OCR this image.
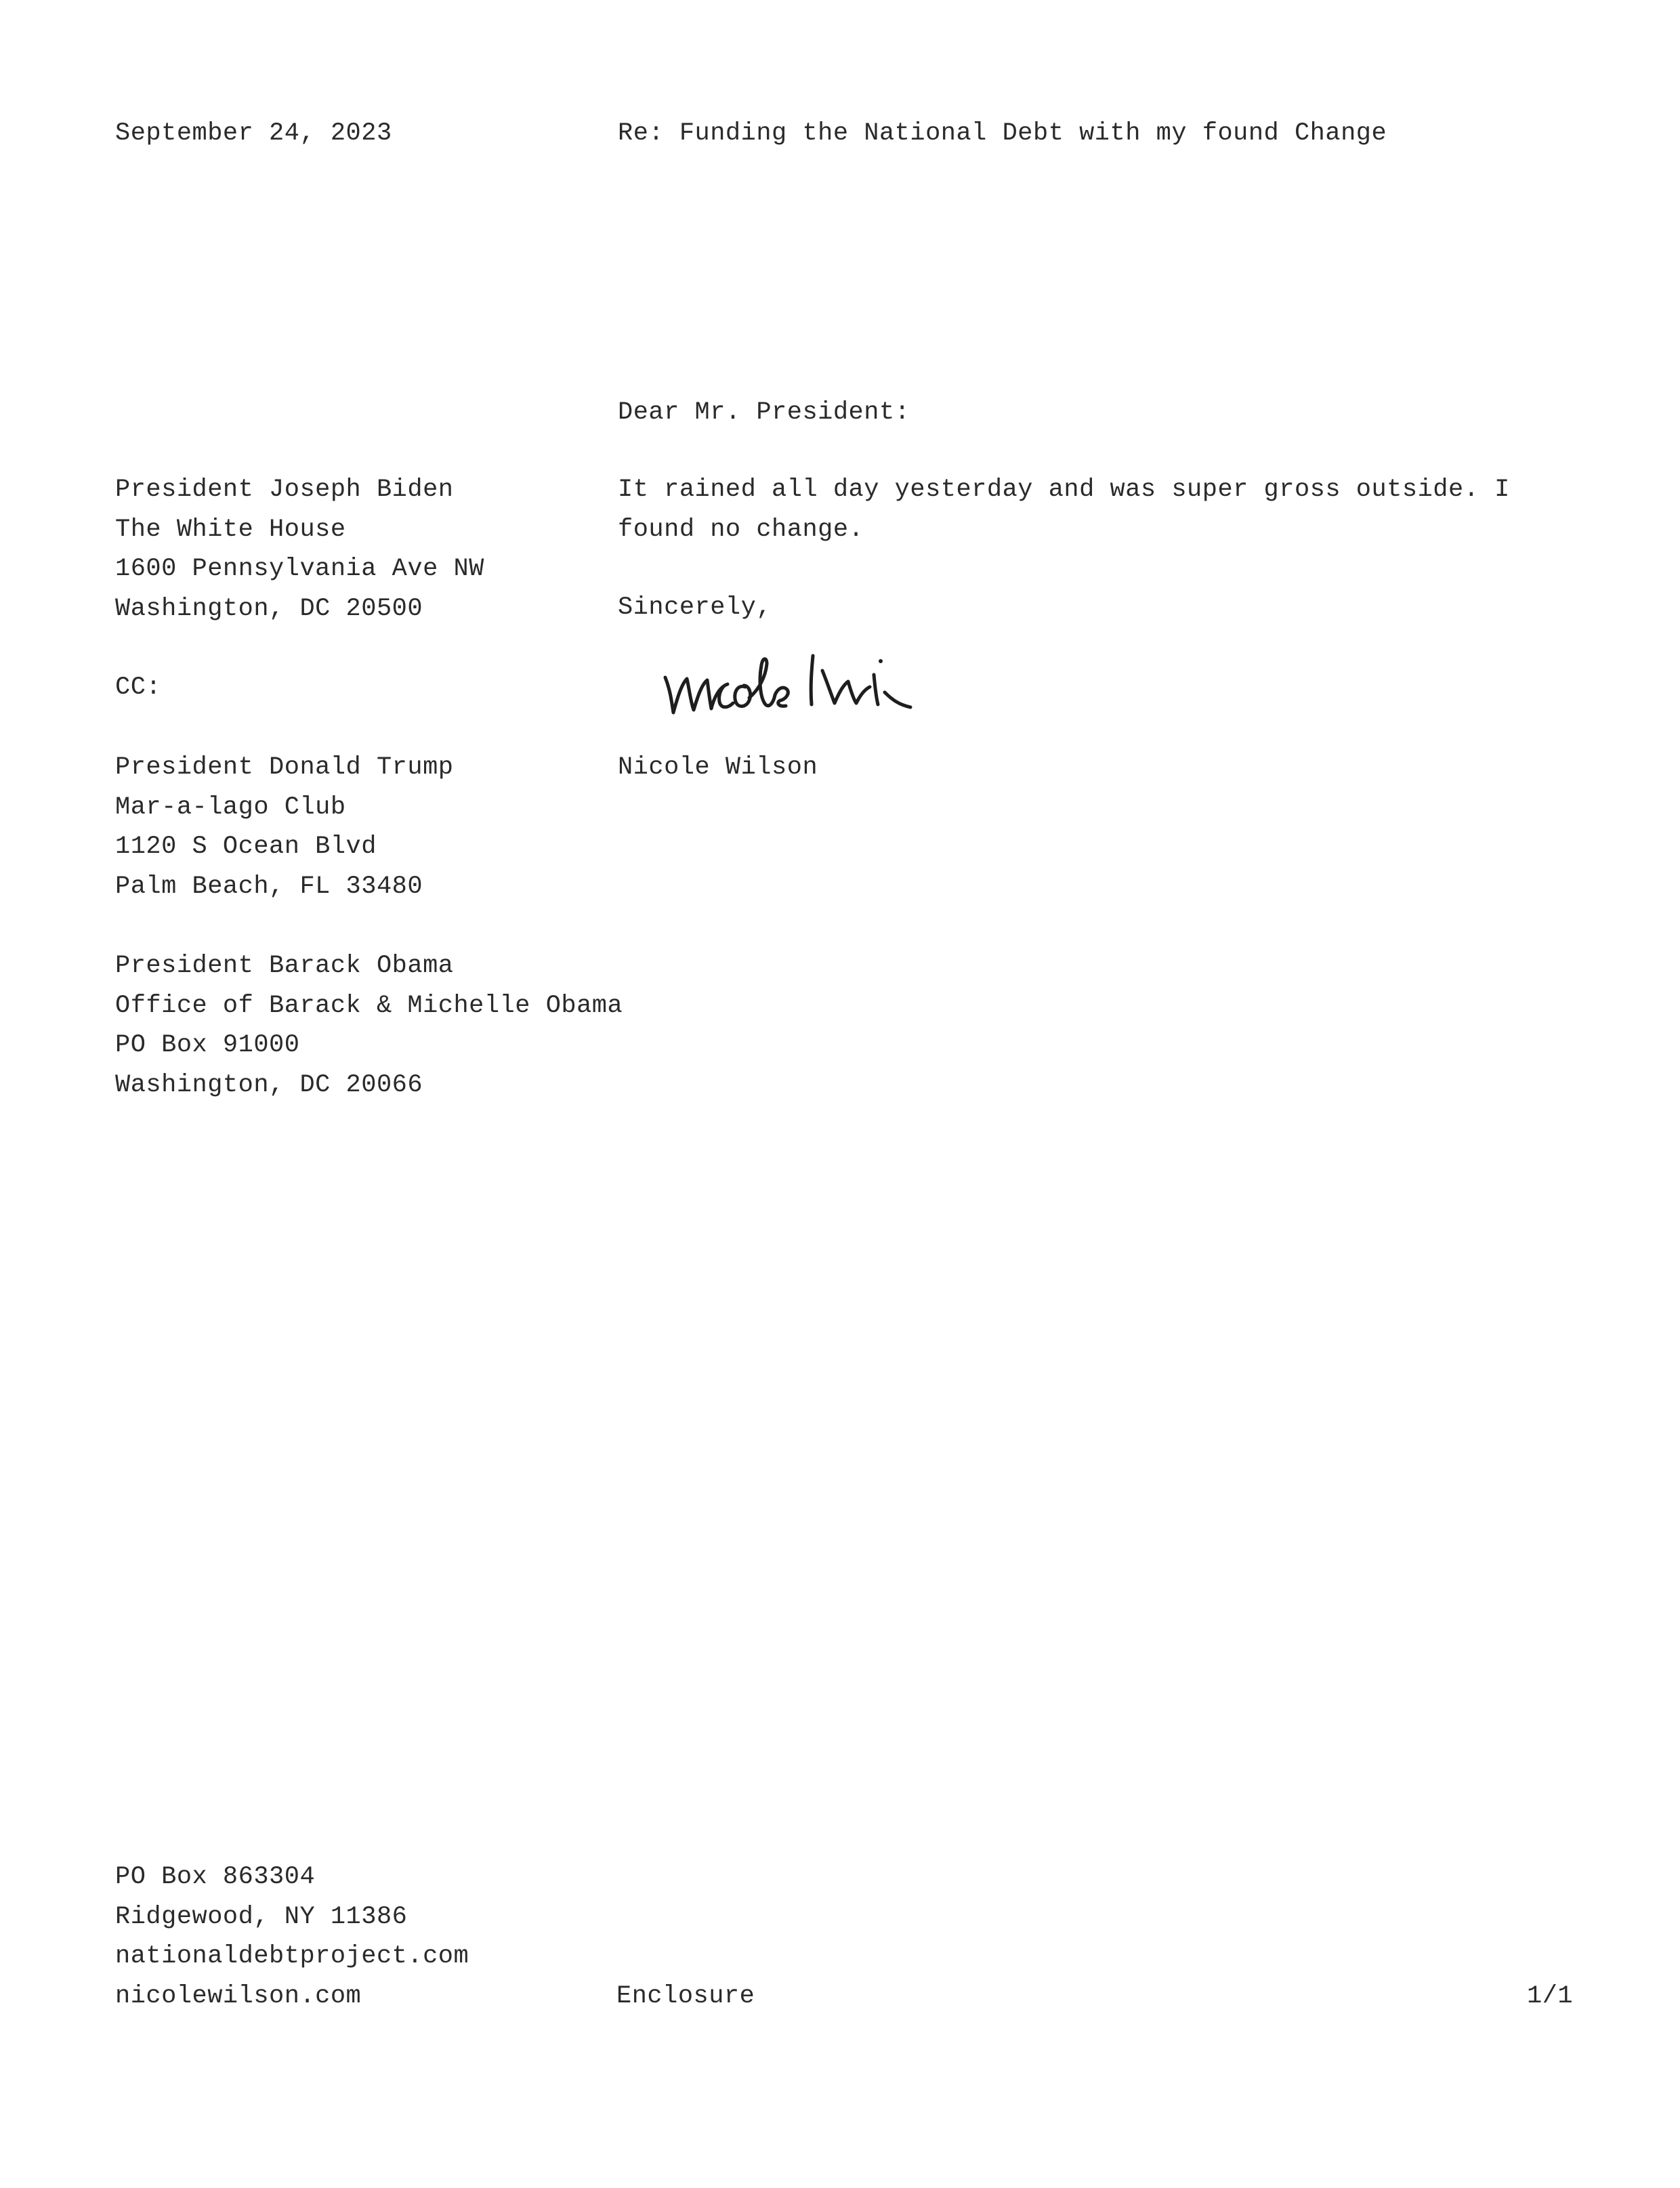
September 24, 2023	Re: Funding the National Debt with my found Change
Dear Mr. President:
It rained all day yesterday and was super gross outside. I found no change.
Sincerely,
Nicole Wilson
President Joseph Biden
The White House
1600 Pennsylvania Ave NW
Washington, DC 20500
CC:
President Donald Trump
Mar-a-lago Club
1120 S Ocean Blvd
Palm Beach, FL 33480
President Barack Obama
Office of Barack & Michelle Obama
PO Box 91000
Washington, DC 20066
PO Box 863304
Ridgewood, NY 11386
nationaldebtproject.com
nicolewilson.com	Enclosure	1/1
